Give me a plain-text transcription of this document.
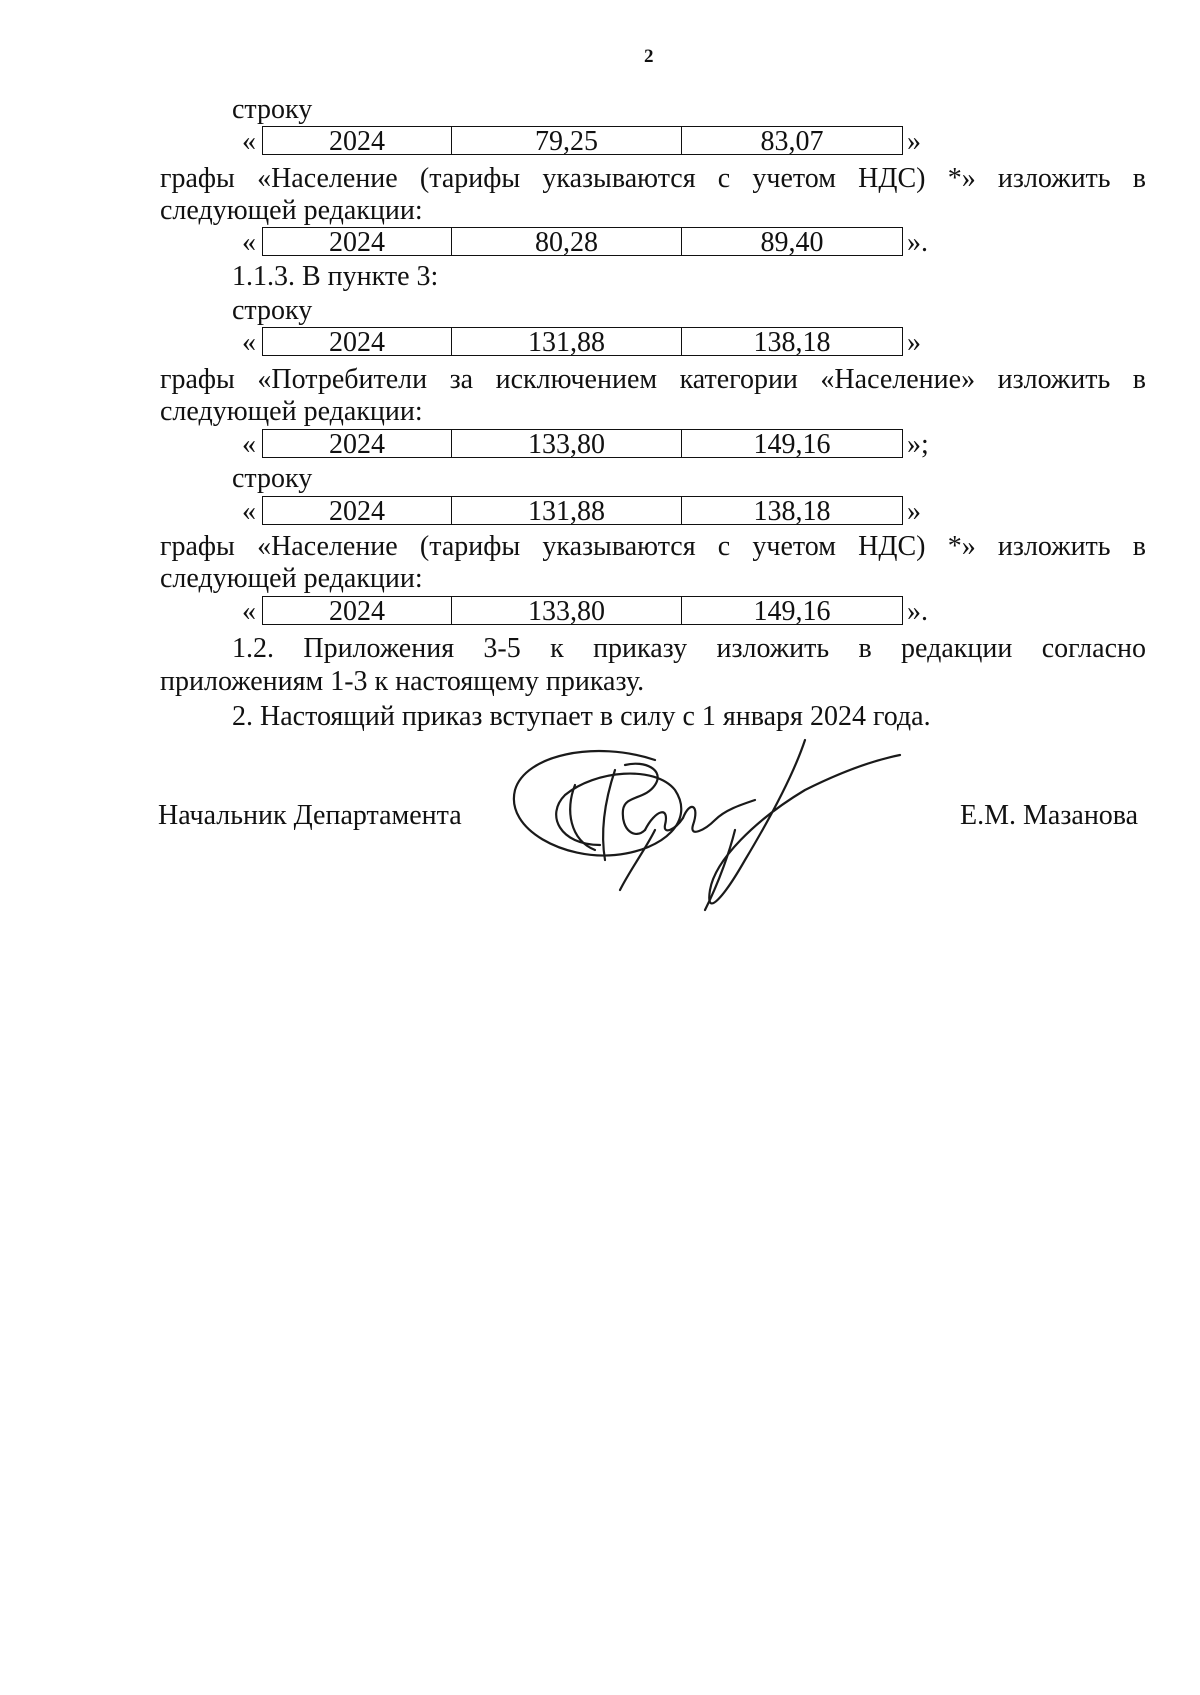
2
строку
«	2024	79,25	83,07	»
графы «Население (тарифы указываются с учетом НДС) *» изложить в
следующей редакции:
«	2024	80,28	89,40	».
1.1.3. В пункте 3:
строку
«	2024	131,88	138,18	»
графы «Потребители за исключением категории «Население» изложить в
следующей редакции:
«	2024	133,80	149,16	»;
строку
«	2024	131,88	138,18	»
графы «Население (тарифы указываются с учетом НДС) *» изложить в
следующей редакции:
«	2024	133,80	149,16	».
1.2. Приложения 3-5 к приказу изложить в редакции согласно
приложениям 1-3 к настоящему приказу.
2. Настоящий приказ вступает в силу с 1 января 2024 года.
Начальник Департамента	Е.М. Мазанова
